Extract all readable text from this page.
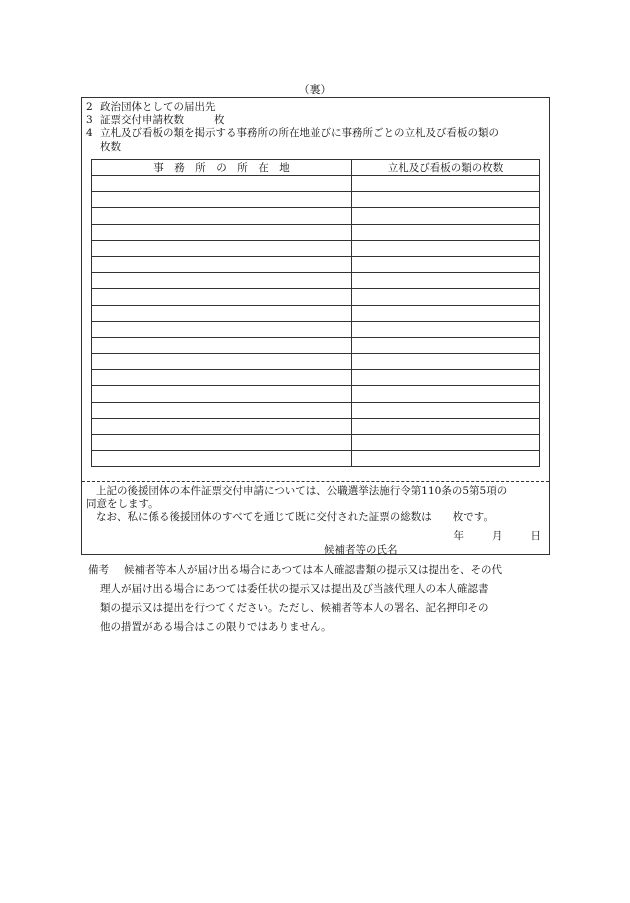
（裏）
2 政治団体としての届出先
3 証票交付申請枚数	枚
4 立札及び看板の類を掲示する事務所の所在地並びに事務所ごとの立札及び看板の類の
枚数
事　務　所　の　所　在　地	立札及び看板の類の枚数

上記の後援団体の本件証票交付申請については、公職選挙法施行令第110条の5第5項の

同意をします。

なお、私に係る後援団体のすべてを通じて既に交付された証票の総数は　　枚です。

年	月	日
候補者等の氏名
備考 候補者等本人が届け出る場合にあつては本人確認書類の提示又は提出を、その代
理人が届け出る場合にあつては委任状の提示又は提出及び当該代理人の本人確認書
類の提示又は提出を行つてください。ただし、候補者等本人の署名、記名押印その
他の措置がある場合はこの限りではありません。
